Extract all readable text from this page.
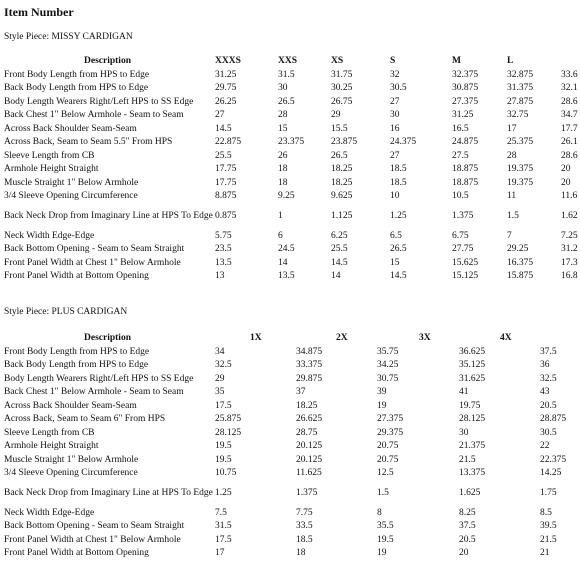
Item Number
Style Piece: MISSY CARDIGAN
Description	XXXS	XXS	XS	S	M	L	
Front Body Length from HPS to Edge	31.25	31.5	31.75	32	32.375	32.875	33.6
Back Body Length from HPS to Edge	29.75	30	30.25	30.5	30.875	31.375	32.1
Body Length Wearers Right/Left HPS to SS Edge	26.25	26.5	26.75	27	27.375	27.875	28.6
Back Chest 1" Below Armhole - Seam to Seam	27	28	29	30	31.25	32.75	34.7
Across Back Shoulder Seam-Seam	14.5	15	15.5	16	16.5	17	17.7
Across Back, Seam to Seam 5.5" From HPS	22.875	23.375	23.875	24.375	24.875	25.375	26.1
Sleeve Length from CB	25.5	26	26.5	27	27.5	28	28.6
Armhole Height Straight	17.75	18	18.25	18.5	18.875	19.375	20
Muscle Straight 1" Below Armhole	17.75	18	18.25	18.5	18.875	19.375	20
3/4 Sleeve Opening Circumference	8.875	9.25	9.625	10	10.5	11	11.6
Back Neck Drop from Imaginary Line at HPS To Edge	0.875	1	1.125	1.25	1.375	1.5	1.62
Neck Width Edge-Edge	5.75	6	6.25	6.5	6.75	7	7.25
Back Bottom Opening - Seam to Seam Straight	23.5	24.5	25.5	26.5	27.75	29.25	31.2
Front Panel Width at Chest 1" Below Armhole	13.5	14	14.5	15	15.625	16.375	17.3
Front Panel Width at Bottom Opening	13	13.5	14	14.5	15.125	15.875	16.8
Style Piece: PLUS CARDIGAN
Description		1X		2X		3X		4X	
Front Body Length from HPS to Edge	34		34.875		35.75		36.625		37.5
Back Body Length from HPS to Edge	32.5		33.375		34.25		35.125		36
Body Length Wearers Right/Left HPS to SS Edge	29		29.875		30.75		31.625		32.5
Back Chest 1" Below Armhole - Seam to Seam	35		37		39		41		43
Across Back Shoulder Seam-Seam	17.5		18.25		19		19.75		20.5
Across Back, Seam to Seam 6" From HPS	25.875		26.625		27.375		28.125		28.875
Sleeve Length from CB	28.125		28.75		29.375		30		30.5
Armhole Height Straight	19.5		20.125		20.75		21.375		22
Muscle Straight 1" Below Armhole	19.5		20.125		20.75		21.5		22.375
3/4 Sleeve Opening Circumference	10.75		11.625		12.5		13.375		14.25
Back Neck Drop from Imaginary Line at HPS To Edge	1.25		1.375		1.5		1.625		1.75
Neck Width Edge-Edge	7.5		7.75		8		8.25		8.5
Back Bottom Opening - Seam to Seam Straight	31.5		33.5		35.5		37.5		39.5
Front Panel Width at Chest 1" Below Armhole	17.5		18.5		19.5		20.5		21.5
Front Panel Width at Bottom Opening	17		18		19		20		21
